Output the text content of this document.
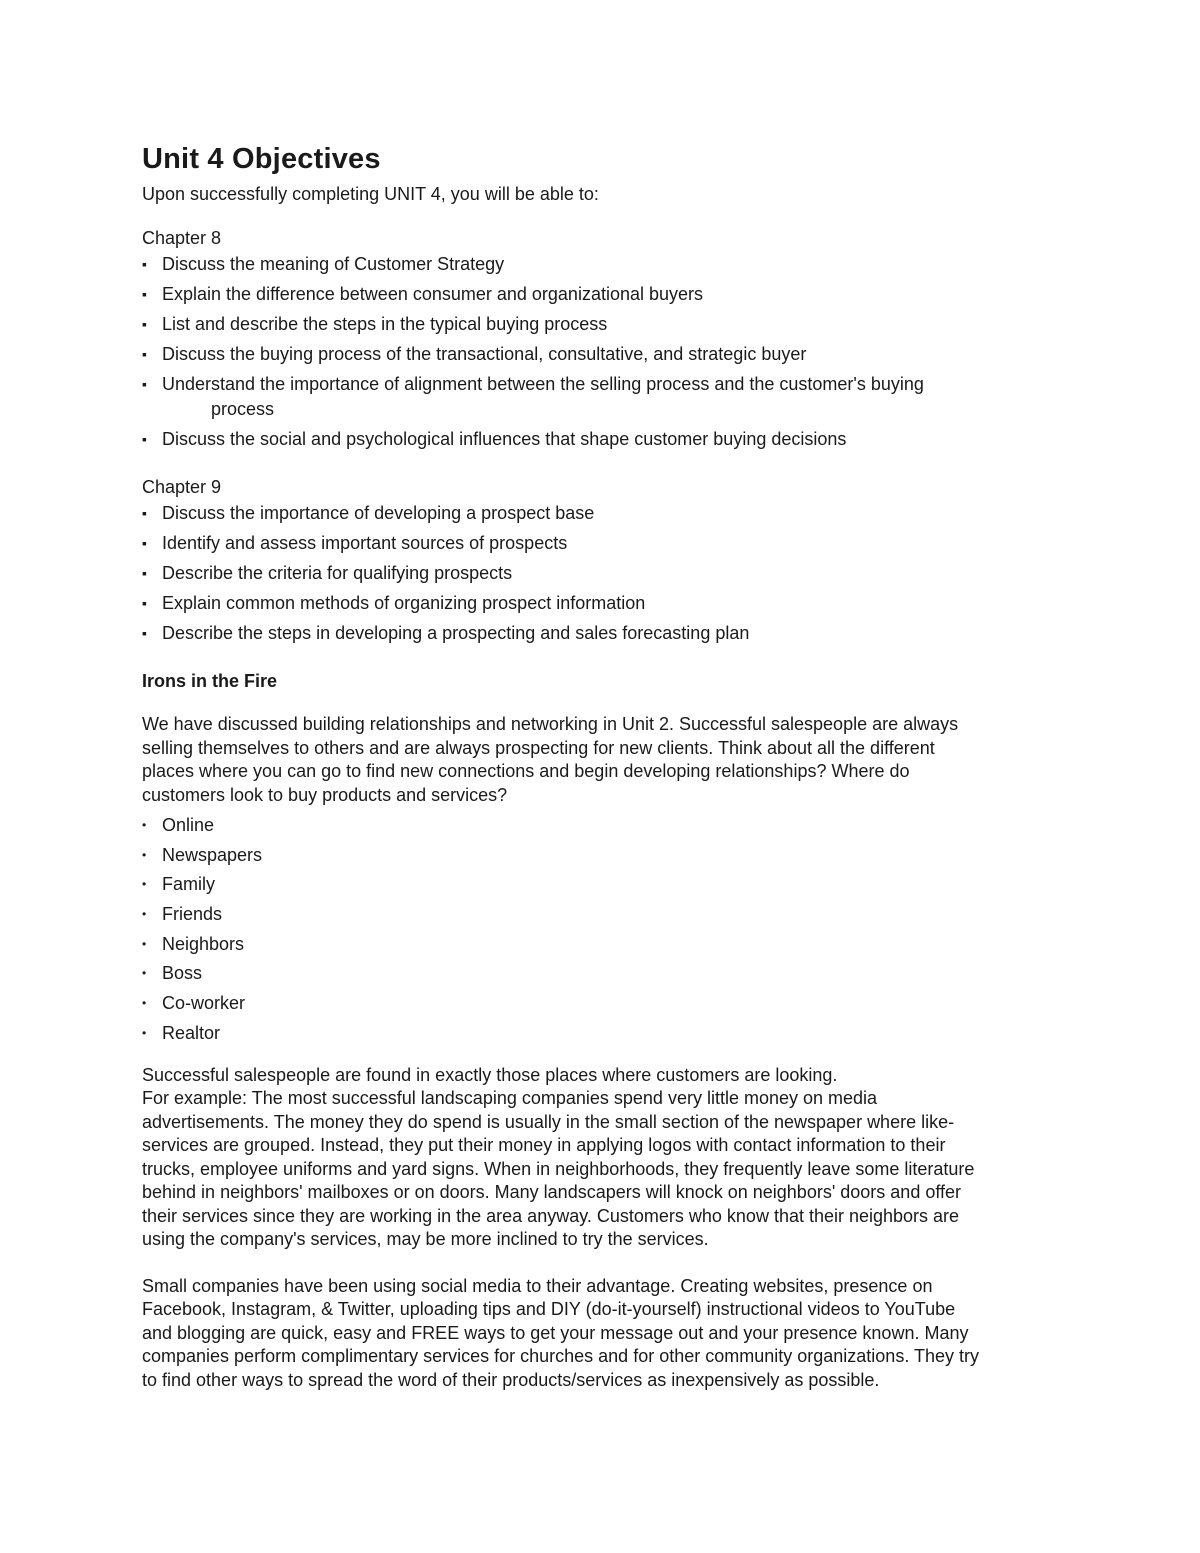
Unit 4 Objectives

Upon successfully completing UNIT 4, you will be able to:

Chapter 8

▪ Discuss the meaning of Customer Strategy
▪ Explain the difference between consumer and organizational buyers
▪ List and describe the steps in the typical buying process
▪ Discuss the buying process of the transactional, consultative, and strategic buyer
▪ Understand the importance of alignment between the selling process and the customer's buying
process
▪ Discuss the social and psychological influences that shape customer buying decisions

Chapter 9

▪ Discuss the importance of developing a prospect base
▪ Identify and assess important sources of prospects
▪ Describe the criteria for qualifying prospects
▪ Explain common methods of organizing prospect information
▪ Describe the steps in developing a prospecting and sales forecasting plan

Irons in the Fire

We have discussed building relationships and networking in Unit 2. Successful salespeople are always
selling themselves to others and are always prospecting for new clients. Think about all the different
places where you can go to find new connections and begin developing relationships? Where do
customers look to buy products and services?

• Online
• Newspapers
• Family
• Friends
• Neighbors
• Boss
• Co-worker
• Realtor

Successful salespeople are found in exactly those places where customers are looking.
For example: The most successful landscaping companies spend very little money on media
advertisements. The money they do spend is usually in the small section of the newspaper where like-
services are grouped. Instead, they put their money in applying logos with contact information to their
trucks, employee uniforms and yard signs. When in neighborhoods, they frequently leave some literature
behind in neighbors' mailboxes or on doors. Many landscapers will knock on neighbors' doors and offer
their services since they are working in the area anyway. Customers who know that their neighbors are
using the company's services, may be more inclined to try the services.

Small companies have been using social media to their advantage. Creating websites, presence on
Facebook, Instagram, & Twitter, uploading tips and DIY (do-it-yourself) instructional videos to YouTube
and blogging are quick, easy and FREE ways to get your message out and your presence known. Many
companies perform complimentary services for churches and for other community organizations. They try
to find other ways to spread the word of their products/services as inexpensively as possible.
